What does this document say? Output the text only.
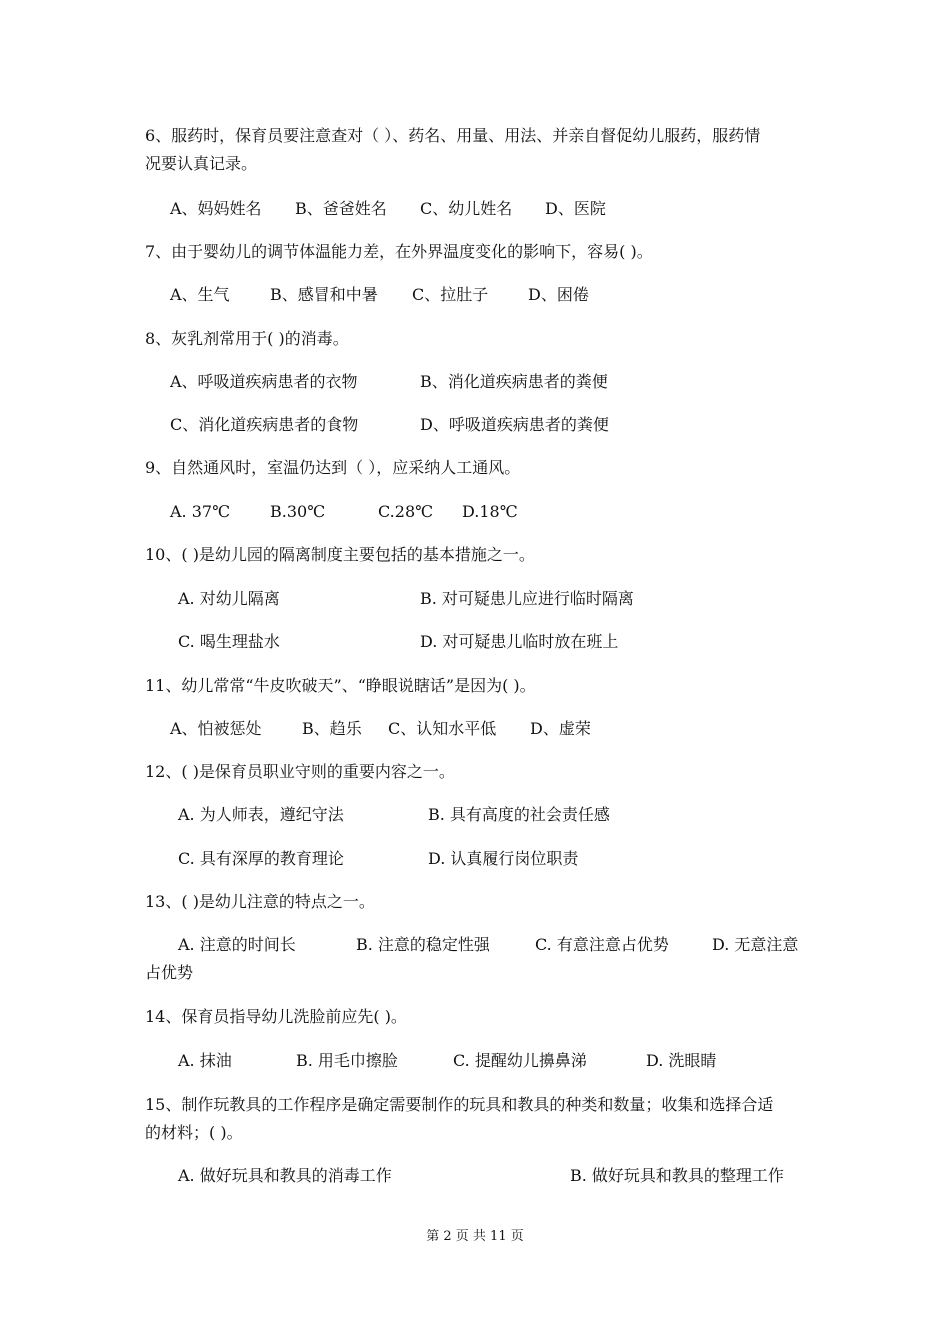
6、服药时，保育员要注意查对（ ）、药名、用量、用法、并亲自督促幼儿服药，服药情
况要认真记录。
A、妈妈姓名 B、爸爸姓名 C、幼儿姓名 D、医院
7、由于婴幼儿的调节体温能力差，在外界温度变化的影响下，容易( )。
A、生气	B、感冒和中暑 C、拉肚子 D、困倦
8、灰乳剂常用于( )的消毒。
A、呼吸道疾病患者的衣物	B、消化道疾病患者的粪便
C、消化道疾病患者的食物	D、呼吸道疾病患者的粪便
9、自然通风时，室温仍达到（ ），应采纳人工通风。
A. 37℃	B.30℃	C.28℃ D.18℃
10、( )是幼儿园的隔离制度主要包括的基本措施之一。
A. 对幼儿隔离	B. 对可疑患儿应进行临时隔离
C. 喝生理盐水	D. 对可疑患儿临时放在班上
11、幼儿常常“牛皮吹破天”、“睁眼说瞎话”是因为( )。
A、怕被惩处	B、趋乐 C、认知水平低 D、虚荣
12、( )是保育员职业守则的重要内容之一。
A. 为人师表，遵纪守法	B. 具有高度的社会责任感
C. 具有深厚的教育理论	D. 认真履行岗位职责
13、( )是幼儿注意的特点之一。
A. 注意的时间长	B. 注意的稳定性强	C. 有意注意占优势	D. 无意注意
占优势
14、保育员指导幼儿洗脸前应先( )。
A. 抹油	B. 用毛巾擦脸	C. 提醒幼儿擤鼻涕	D. 洗眼睛
15、制作玩教具的工作程序是确定需要制作的玩具和教具的种类和数量；收集和选择合适
的材料；( )。
A. 做好玩具和教具的消毒工作	B. 做好玩具和教具的整理工作
第 2 页 共 11 页
